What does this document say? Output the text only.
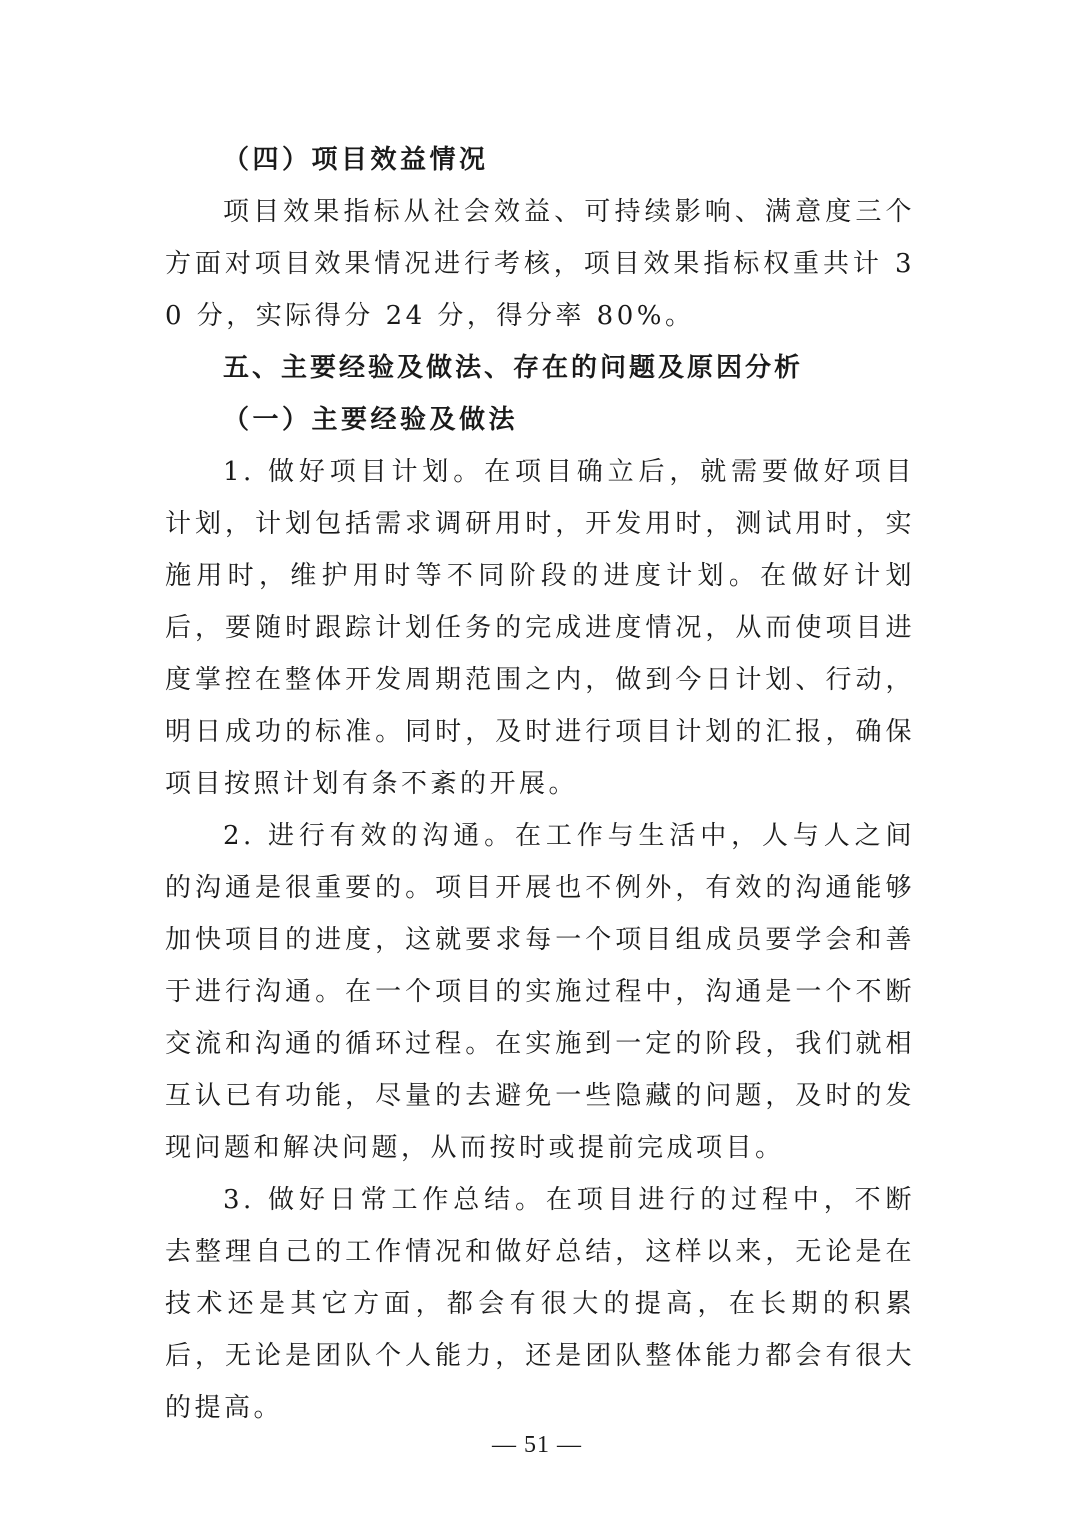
（四）项目效益情况

项目效果指标从社会效益、可持续影响、满意度三个方面对项目效果情况进行考核，项目效果指标权重共计 30 分，实际得分 24 分，得分率 80%。

五、主要经验及做法、存在的问题及原因分析

（一）主要经验及做法

1. 做好项目计划。在项目确立后，就需要做好项目计划，计划包括需求调研用时，开发用时，测试用时，实施用时，维护用时等不同阶段的进度计划。在做好计划后，要随时跟踪计划任务的完成进度情况，从而使项目进度掌控在整体开发周期范围之内，做到今日计划、行动，明日成功的标准。同时，及时进行项目计划的汇报，确保项目按照计划有条不紊的开展。

2. 进行有效的沟通。在工作与生活中，人与人之间的沟通是很重要的。项目开展也不例外，有效的沟通能够加快项目的进度，这就要求每一个项目组成员要学会和善于进行沟通。在一个项目的实施过程中，沟通是一个不断交流和沟通的循环过程。在实施到一定的阶段，我们就相互认已有功能，尽量的去避免一些隐藏的问题，及时的发现问题和解决问题，从而按时或提前完成项目。

3. 做好日常工作总结。在项目进行的过程中，不断去整理自己的工作情况和做好总结，这样以来，无论是在技术还是其它方面，都会有很大的提高，在长期的积累后，无论是团队个人能力，还是团队整体能力都会有很大的提高。

— 51 —
